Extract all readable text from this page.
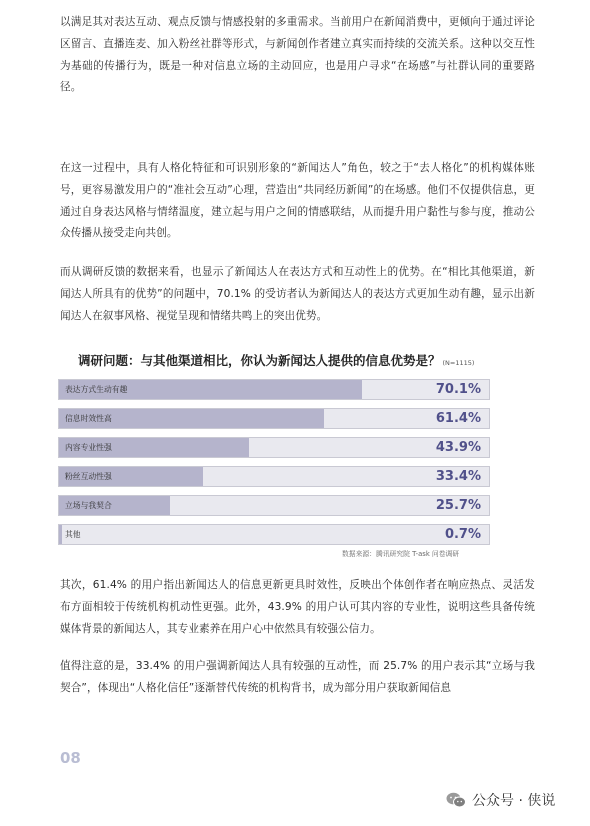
以满足其对表达互动、观点反馈与情感投射的多重需求。当前用户在新闻消费中，更倾向于通过评论区留言、直播连麦、加入粉丝社群等形式，与新闻创作者建立真实而持续的交流关系。这种以交互性为基础的传播行为，既是一种对信息立场的主动回应，也是用户寻求“在场感”与社群认同的重要路径。

在这一过程中，具有人格化特征和可识别形象的“新闻达人”角色，较之于“去人格化”的机构媒体账号，更容易激发用户的“准社会互动”心理，营造出“共同经历新闻”的在场感。他们不仅提供信息，更通过自身表达风格与情绪温度，建立起与用户之间的情感联结，从而提升用户黏性与参与度，推动公众传播从接受走向共创。

而从调研反馈的数据来看，也显示了新闻达人在表达方式和互动性上的优势。在“相比其他渠道，新闻达人所具有的优势”的问题中，70.1% 的受访者认为新闻达人的表达方式更加生动有趣，显示出新闻达人在叙事风格、视觉呈现和情绪共鸣上的突出优势。

调研问题：与其他渠道相比，你认为新闻达人提供的信息优势是？ (N=1115)
表达方式生动有趣	70.1%
信息时效性高	61.4%
内容专业性强	43.9%
粉丝互动性强	33.4%
立场与我契合	25.7%
其他	0.7%
数据来源：腾讯研究院 T-ask 问卷调研

其次，61.4% 的用户指出新闻达人的信息更新更具时效性，反映出个体创作者在响应热点、灵活发布方面相较于传统机构机动性更强。此外，43.9% 的用户认可其内容的专业性，说明这些具备传统媒体背景的新闻达人，其专业素养在用户心中依然具有较强公信力。

值得注意的是，33.4% 的用户强调新闻达人具有较强的互动性，而 25.7% 的用户表示其“立场与我契合”，体现出“人格化信任”逐渐替代传统的机构背书，成为部分用户获取新闻信息

08
公众号 · 侠说
